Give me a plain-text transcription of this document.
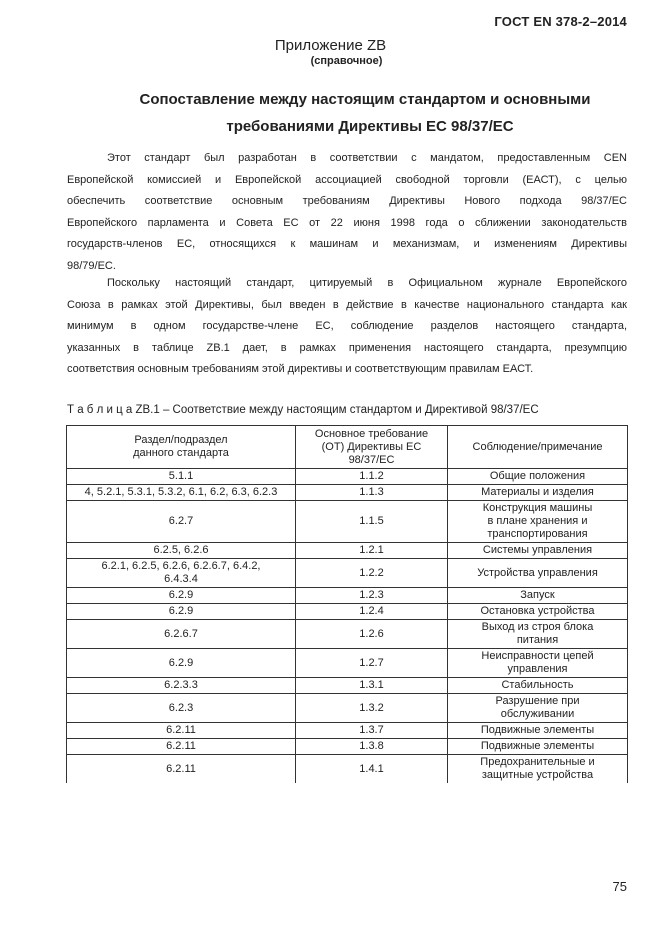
ГОСТ EN 378-2–2014
Приложение ZB
(справочное)
Сопоставление между настоящим стандартом и основными
требованиями Директивы ЕС 98/37/ЕС
Этот стандарт был разработан в соответствии с мандатом, предоставленным CEN
Европейской комиссией и Европейской ассоциацией свободной торговли (ЕАСТ), с целью
обеспечить соответствие основным требованиям Директивы Нового подхода 98/37/ЕС
Европейского парламента и Совета ЕС от 22 июня 1998 года о сближении законодательств
государств-членов ЕС, относящихся к машинам и механизмам, и изменениям Директивы
98/79/ЕС.
Поскольку настоящий стандарт, цитируемый в Официальном журнале Европейского
Союза в рамках этой Директивы, был введен в действие в качестве национального стандарта как
минимум в одном государстве-члене ЕС, соблюдение разделов настоящего стандарта,
указанных в таблице ZB.1 дает, в рамках применения настоящего стандарта, презумпцию
соответствия основным требованиям этой директивы и соответствующим правилам ЕАСТ.
Т а б л и ц а ZB.1 – Соответствие между настоящим стандартом и Директивой 98/37/ЕС
Раздел/подраздел
данного стандарта	Основное требование
(ОТ) Директивы ЕС
98/37/ЕС	Соблюдение/примечание
5.1.1	1.1.2	Общие положения
4, 5.2.1, 5.3.1, 5.3.2, 6.1, 6.2, 6.3, 6.2.3	1.1.3	Материалы и изделия
6.2.7	1.1.5	Конструкция машины
в плане хранения и
транспортирования
6.2.5, 6.2.6	1.2.1	Системы управления
6.2.1, 6.2.5, 6.2.6, 6.2.6.7, 6.4.2,
6.4.3.4	1.2.2	Устройства управления
6.2.9	1.2.3	Запуск
6.2.9	1.2.4	Остановка устройства
6.2.6.7	1.2.6	Выход из строя блока
питания
6.2.9	1.2.7	Неисправности цепей
управления
6.2.3.3	1.3.1	Стабильность
6.2.3	1.3.2	Разрушение при
обслуживании
6.2.11	1.3.7	Подвижные элементы
6.2.11	1.3.8	Подвижные элементы
6.2.11	1.4.1	Предохранительные и
защитные устройства
75
